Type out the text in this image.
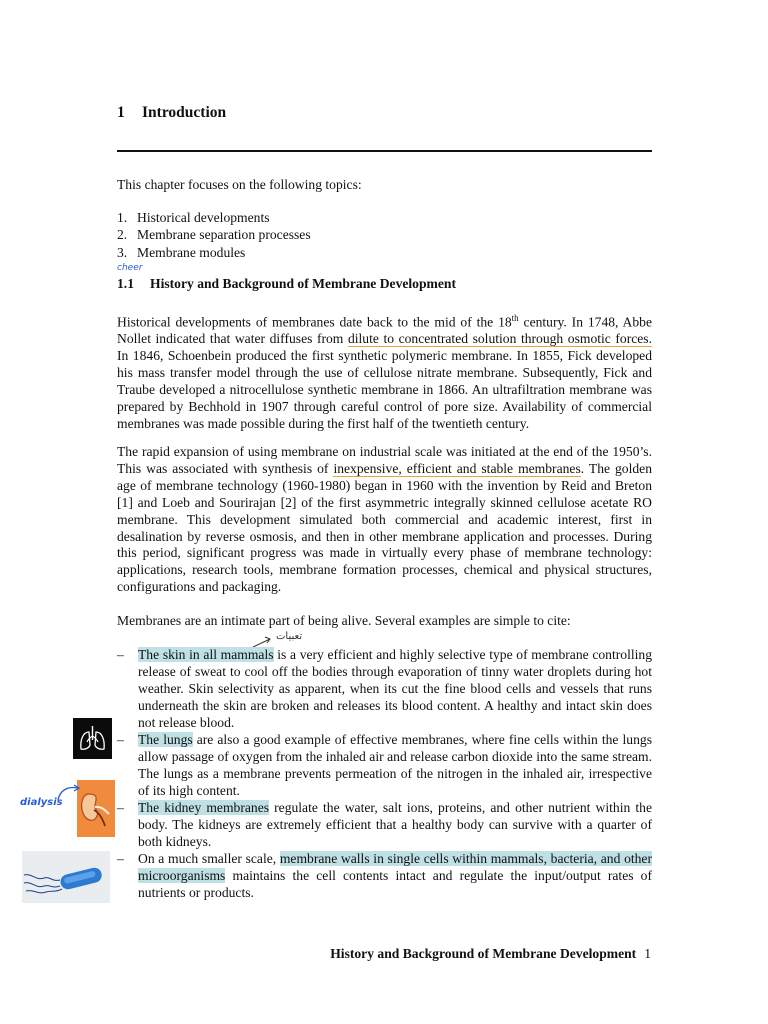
1 Introduction

This chapter focuses on the following topics:

1. Historical developments
2. Membrane separation processes
3. Membrane modules
cheer
1.1 History and Background of Membrane Development

Historical developments of membranes date back to the mid of the 18th century. In 1748, Abbe Nollet indicated that water diffuses from dilute to concentrated solution through osmotic forces. In 1846, Schoenbein produced the first synthetic polymeric membrane. In 1855, Fick developed his mass transfer model through the use of cellulose nitrate membrane. Subsequently, Fick and Traube developed a nitrocellulose synthetic membrane in 1866. An ultrafiltration membrane was prepared by Bechhold in 1907 through careful control of pore size. Availability of commercial membranes was made possible during the first half of the twentieth century.

The rapid expansion of using membrane on industrial scale was initiated at the end of the 1950’s. This was associated with synthesis of inexpensive, efficient and stable membranes. The golden age of membrane technology (1960-1980) began in 1960 with the invention by Reid and Breton [1] and Loeb and Sourirajan [2] of the first asymmetric integrally skinned cellulose acetate RO membrane. This development simulated both commercial and academic interest, first in desalination by reverse osmosis, and then in other membrane application and processes. During this period, significant progress was made in virtually every phase of membrane technology: applications, research tools, membrane formation processes, chemical and physical structures, configurations and packaging.

Membranes are an intimate part of being alive. Several examples are simple to cite:

تعبيات
– The skin in all mammals is a very efficient and highly selective type of membrane controlling release of sweat to cool off the bodies through evaporation of tinny water droplets during hot weather. Skin selectivity as apparent, when its cut the fine blood cells and vessels that runs underneath the skin are broken and releases its blood content. A healthy and intact skin does not release blood.
– The lungs are also a good example of effective membranes, where fine cells within the lungs allow passage of oxygen from the inhaled air and release carbon dioxide into the same stream. The lungs as a membrane prevents permeation of the nitrogen in the inhaled air, irrespective of its high content.
– The kidney membranes regulate the water, salt ions, proteins, and other nutrient within the body. The kidneys are extremely efficient that a healthy body can survive with a quarter of both kidneys.
– On a much smaller scale, membrane walls in single cells within mammals, bacteria, and other microorganisms maintains the cell contents intact and regulate the input/output rates of nutrients or products.
dialysis
History and Background of Membrane Development 1
